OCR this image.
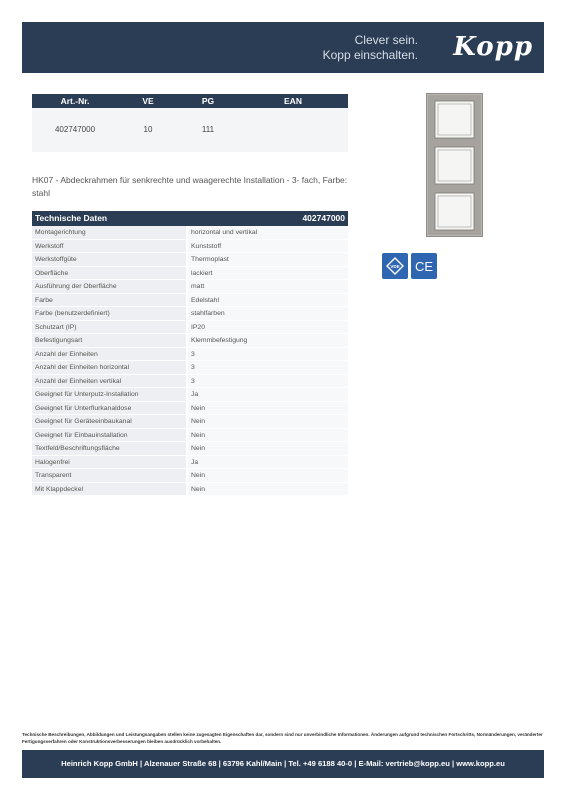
Clever sein.
Kopp einschalten. Kopp
Art.-Nr.	VE	PG	EAN
402747000	10	111
HK07 - Abdeckrahmen für senkrechte und waagerechte Installation - 3- fach, Farbe: stahl
Technische Daten	402747000
Montagerichtung	horizontal und vertikal
Werkstoff	Kunststoff
Werkstoffgüte	Thermoplast
Oberfläche	lackiert
Ausführung der Oberfläche	matt
Farbe	Edelstahl
Farbe (benutzerdefiniert)	stahlfarben
Schutzart (IP)	IP20
Befestigungsart	Klemmbefestigung
Anzahl der Einheiten	3
Anzahl der Einheiten horizontal	3
Anzahl der Einheiten vertikal	3
Geeignet für Unterputz-Installation	Ja
Geeignet für Unterflurkanaldose	Nein
Geeignet für Geräteeinbaukanal	Nein
Geeignet für Einbauinstallation	Nein
Textfeld/Beschriftungsfläche	Nein
Halogenfrei	Ja
Transparent	Nein
Mit Klappdeckel	Nein
VDE CE
Technische Beschreibungen, Abbildungen und Leistungsangaben stellen keine zugesagten Eigenschaften dar, sondern sind nur unverbindliche Informationen. Änderungen aufgrund technischen Fortschritts, Normänderungen, veränderter Fertigungsverfahren oder Konstruktionsverbesserungen bleiben ausdrücklich vorbehalten.
Heinrich Kopp GmbH | Alzenauer Straße 68 | 63796 Kahl/Main | Tel. +49 6188 40-0 | E-Mail: vertrieb@kopp.eu | www.kopp.eu
